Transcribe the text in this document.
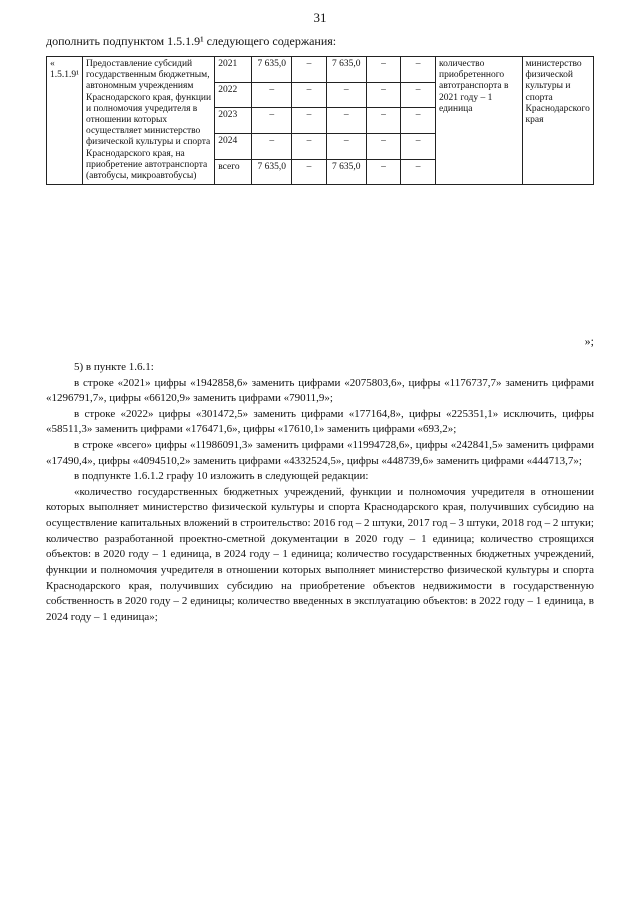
31
дополнить подпунктом 1.5.1.9¹ следующего содержания:
« 1.5.1.9¹	Предоставление субсидий государственным бюджетным, автономным учреждениям Краснодарского края, функции и полномочия учредителя в отношении которых осуществляет министерство физической культуры и спорта Краснодарского края, на приобретение автотранспорта (автобусы, микроавтобусы)	2021	7 635,0	–	7 635,0	–	–	количество приобретенного автотранспорта в 2021 году – 1 единица	министерство физической культуры и спорта Краснодарского края
		2022	–	–	–	–	–		
		2023	–	–	–	–	–		
		2024	–	–	–	–	–		
		всего	7 635,0	–	7 635,0	–	–		
»;

5) в пункте 1.6.1:

в строке «2021» цифры «1942858,6» заменить цифрами «2075803,6», цифры «1176737,7» заменить цифрами «1296791,7», цифры «66120,9» заменить цифрами «79011,9»;

в строке «2022» цифры «301472,5» заменить цифрами «177164,8», цифры «225351,1» исключить, цифры «58511,3» заменить цифрами «176471,6», цифры «17610,1» заменить цифрами «693,2»;

в строке «всего» цифры «11986091,3» заменить цифрами «11994728,6», цифры «242841,5» заменить цифрами «17490,4», цифры «4094510,2» заменить цифрами «4332524,5», цифры «448739,6» заменить цифрами «444713,7»;

в подпункте 1.6.1.2 графу 10 изложить в следующей редакции:

«количество государственных бюджетных учреждений, функции и полномочия учредителя в отношении которых выполняет министерство физической культуры и спорта Краснодарского края, получивших субсидию на осуществление капитальных вложений в строительство: 2016 год – 2 штуки, 2017 год – 3 штуки, 2018 год – 2 штуки; количество разработанной проектно-сметной документации в 2020 году – 1 единица; количество строящихся объектов: в 2020 году – 1 единица, в 2024 году – 1 единица; количество государственных бюджетных учреждений, функции и полномочия учредителя в отношении которых выполняет министерство физической культуры и спорта Краснодарского края, получивших субсидию на приобретение объектов недвижимости в государственную собственность в 2020 году – 2 единицы; количество введенных в эксплуатацию объектов: в 2022 году – 1 единица, в 2024 году – 1 единица»;
